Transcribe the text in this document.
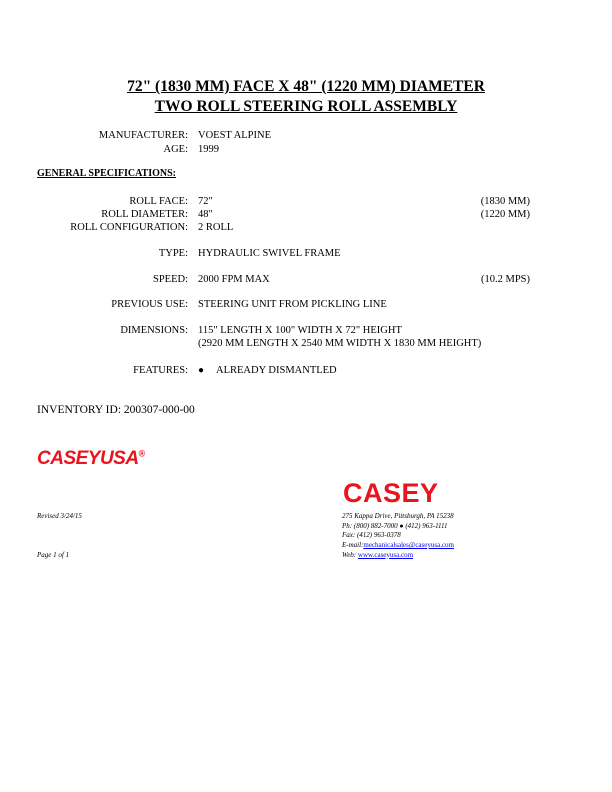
72" (1830 MM) FACE X 48" (1220 MM) DIAMETER
TWO ROLL STEERING ROLL ASSEMBLY
MANUFACTURER: VOEST ALPINE
AGE: 1999
GENERAL SPECIFICATIONS:
ROLL FACE: 72"	(1830 MM)
ROLL DIAMETER: 48"	(1220 MM)
ROLL CONFIGURATION: 2 ROLL
TYPE: HYDRAULIC SWIVEL FRAME
SPEED: 2000 FPM MAX	(10.2 MPS)
PREVIOUS USE: STEERING UNIT FROM PICKLING LINE
DIMENSIONS: 115" LENGTH X 100" WIDTH X 72" HEIGHT
(2920 MM LENGTH X 2540 MM WIDTH X 1830 MM HEIGHT)
FEATURES: ● ALREADY DISMANTLED
INVENTORY ID: 200307-000-00
CASEYUSA®
CASEY
Revised 3/24/15
Page 1 of 1
275 Kappa Drive, Pittsburgh, PA 15238
Ph: (800) 882-7000 ● (412) 963-1111
Fax: (412) 963-0378
E-mail:mechanicalsales@caseyusa.com
Web: www.caseyusa.com
